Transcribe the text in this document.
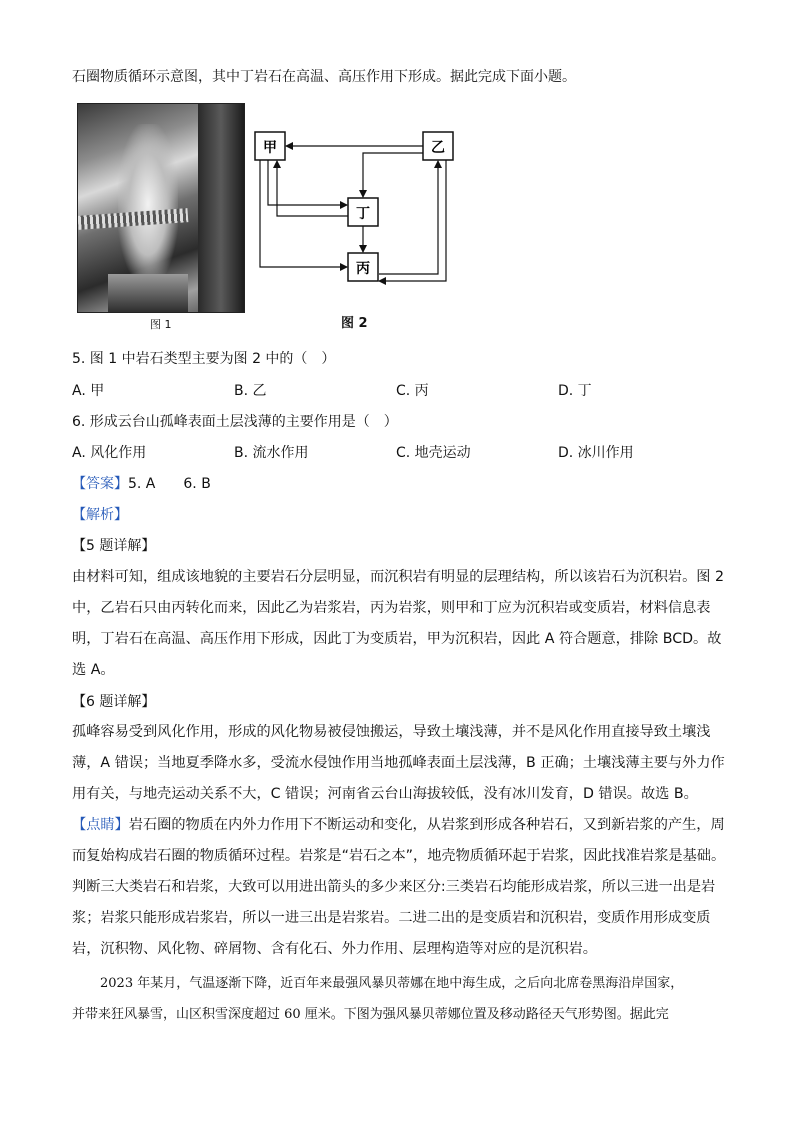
石圈物质循环示意图，其中丁岩石在高温、高压作用下形成。据此完成下面小题。
图 1
甲	乙
丁
丙
图 2
5. 图 1 中岩石类型主要为图 2 中的（　）
A. 甲	B. 乙	C. 丙	D. 丁
6. 形成云台山孤峰表面土层浅薄的主要作用是（　）
A. 风化作用	B. 流水作用	C. 地壳运动	D. 冰川作用
【答案】5. A　　6. B
【解析】
【5 题详解】
由材料可知，组成该地貌的主要岩石分层明显，而沉积岩有明显的层理结构，所以该岩石为沉积岩。图 2
中，乙岩石只由丙转化而来，因此乙为岩浆岩，丙为岩浆，则甲和丁应为沉积岩或变质岩，材料信息表
明，丁岩石在高温、高压作用下形成，因此丁为变质岩，甲为沉积岩，因此 A 符合题意，排除 BCD。故
选 A。
【6 题详解】
孤峰容易受到风化作用，形成的风化物易被侵蚀搬运，导致土壤浅薄，并不是风化作用直接导致土壤浅
薄，A 错误；当地夏季降水多，受流水侵蚀作用当地孤峰表面土层浅薄，B 正确；土壤浅薄主要与外力作
用有关，与地壳运动关系不大，C 错误；河南省云台山海拔较低，没有冰川发育，D 错误。故选 B。
【点睛】岩石圈的物质在内外力作用下不断运动和变化，从岩浆到形成各种岩石，又到新岩浆的产生，周
而复始构成岩石圈的物质循环过程。岩浆是“岩石之本”，地壳物质循环起于岩浆，因此找准岩浆是基础。
判断三大类岩石和岩浆，大致可以用进出箭头的多少来区分:三类岩石均能形成岩浆，所以三进一出是岩
浆；岩浆只能形成岩浆岩，所以一进三出是岩浆岩。二进二出的是变质岩和沉积岩，变质作用形成变质
岩，沉积物、风化物、碎屑物、含有化石、外力作用、层理构造等对应的是沉积岩。
2023 年某月，气温逐渐下降，近百年来最强风暴贝蒂娜在地中海生成，之后向北席卷黑海沿岸国家，
并带来狂风暴雪，山区积雪深度超过 60 厘米。下图为强风暴贝蒂娜位置及移动路径天气形势图。据此完
